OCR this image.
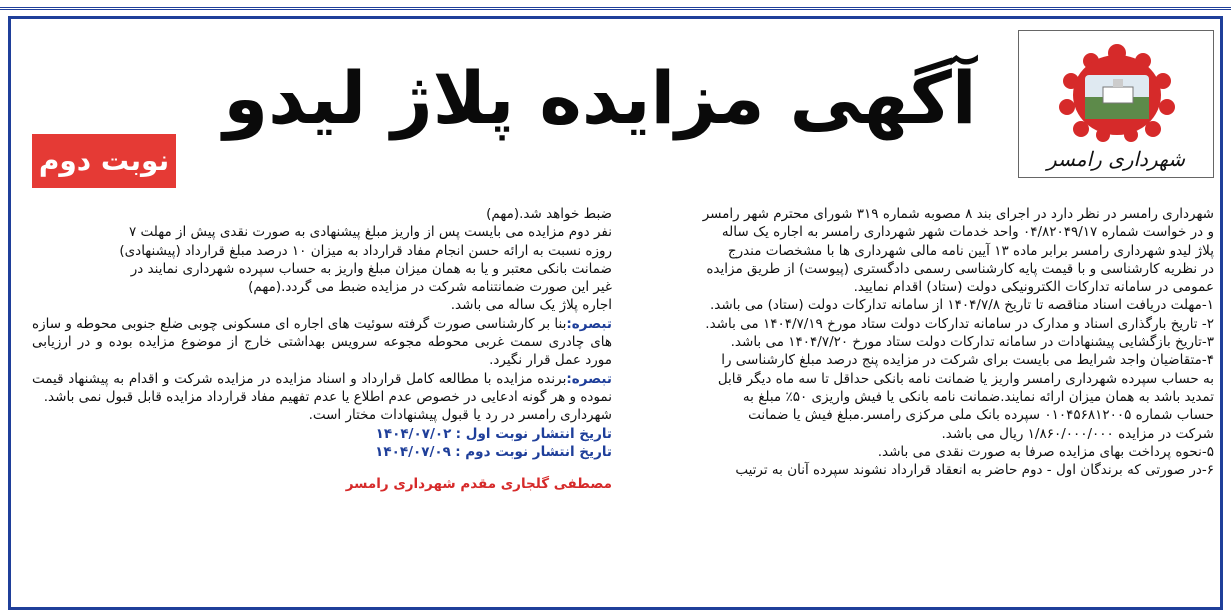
شهرداری رامسر
آگهی مزایده پلاژ لیدو
نوبت دوم

شهرداری رامسر در نظر دارد در اجرای بند ۸ مصوبه شماره ۳۱۹ شورای محترم شهر رامسر

و در خواست شماره ۰۴/۸۲۰۴۹/۱۷ واحد خدمات شهر شهرداری رامسر به اجاره یک ساله

پلاژ لیدو شهرداری رامسر برابر ماده ۱۳ آیین نامه مالی شهرداری ها با مشخصات مندرج

در نظریه کارشناسی و با قیمت پایه کارشناسی رسمی دادگستری (پیوست) از طریق مزایده

عمومی در سامانه تدارکات الکترونیکی دولت (ستاد) اقدام نمایید.

۱-مهلت دریافت اسناد مناقصه تا تاریخ ۱۴۰۴/۷/۸ از سامانه تدارکات دولت (ستاد) می باشد.

۲- تاریخ بارگذاری اسناد و مدارک در سامانه تدارکات دولت ستاد مورخ ۱۴۰۴/۷/۱۹ می باشد.

۳-تاریخ بازگشایی پیشنهادات در سامانه تدارکات دولت ستاد مورخ ۱۴۰۴/۷/۲۰ می باشد.

۴-متقاضیان واجد شرایط می بایست برای شرکت در مزایده پنج درصد مبلغ کارشناسی را

به حساب سپرده شهرداری رامسر واریز یا ضمانت نامه بانکی حداقل تا سه ماه دیگر قابل

تمدید باشد به همان میزان ارائه نمایند.ضمانت نامه بانکی یا فیش واریزی ۵۰٪ مبلغ به

حساب شماره ۰۱۰۴۵۶۸۱۲۰۰۵ سپرده بانک ملی مرکزی رامسر.مبلغ فیش یا ضمانت

شرکت در مزایده ۱/۸۶۰/۰۰۰/۰۰۰ ریال می باشد.

۵-نحوه پرداخت بهای مزایده صرفا به صورت نقدی می باشد.

۶-در صورتی که برندگان اول - دوم حاضر به انعقاد قرارداد نشوند سپرده آنان به ترتیب

ضبط خواهد شد.(مهم)

نفر دوم مزایده می بایست پس از واریز مبلغ پیشنهادی به صورت نقدی پیش از مهلت ۷

روزه نسبت به ارائه حسن انجام مفاد قرارداد به میزان ۱۰ درصد مبلغ قرارداد (پیشنهادی)

ضمانت بانکی معتبر و یا به همان میزان مبلغ واریز به حساب سپرده شهرداری نمایند در

غیر این صورت ضمانتنامه شرکت در مزایده ضبط می گردد.(مهم)

اجاره پلاژ یک ساله می باشد.

تبصره:بنا بر کارشناسی صورت گرفته سوئیت های اجاره ای مسکونی چوبی ضلع جنوبی محوطه و سازه های چادری سمت غربی محوطه مجوعه سرویس بهداشتی خارج از موضوع مزایده بوده و در ارزیابی مورد عمل قرار نگیرد.

تبصره:برنده مزایده با مطالعه کامل قرارداد و اسناد مزایده در مزایده شرکت و اقدام به پیشنهاد قیمت نموده و هر گونه ادعایی در خصوص عدم اطلاع یا عدم تفهیم مفاد قرارداد مزایده قابل قبول نمی باشد.

شهرداری رامسر در رد یا قبول پیشنهادات مختار است.

تاریخ انتشار نوبت اول : ۱۴۰۴/۰۷/۰۲

تاریخ انتشار نوبت دوم : ۱۴۰۴/۰۷/۰۹

مصطفی گلجاری مقدم شهرداری رامسر
